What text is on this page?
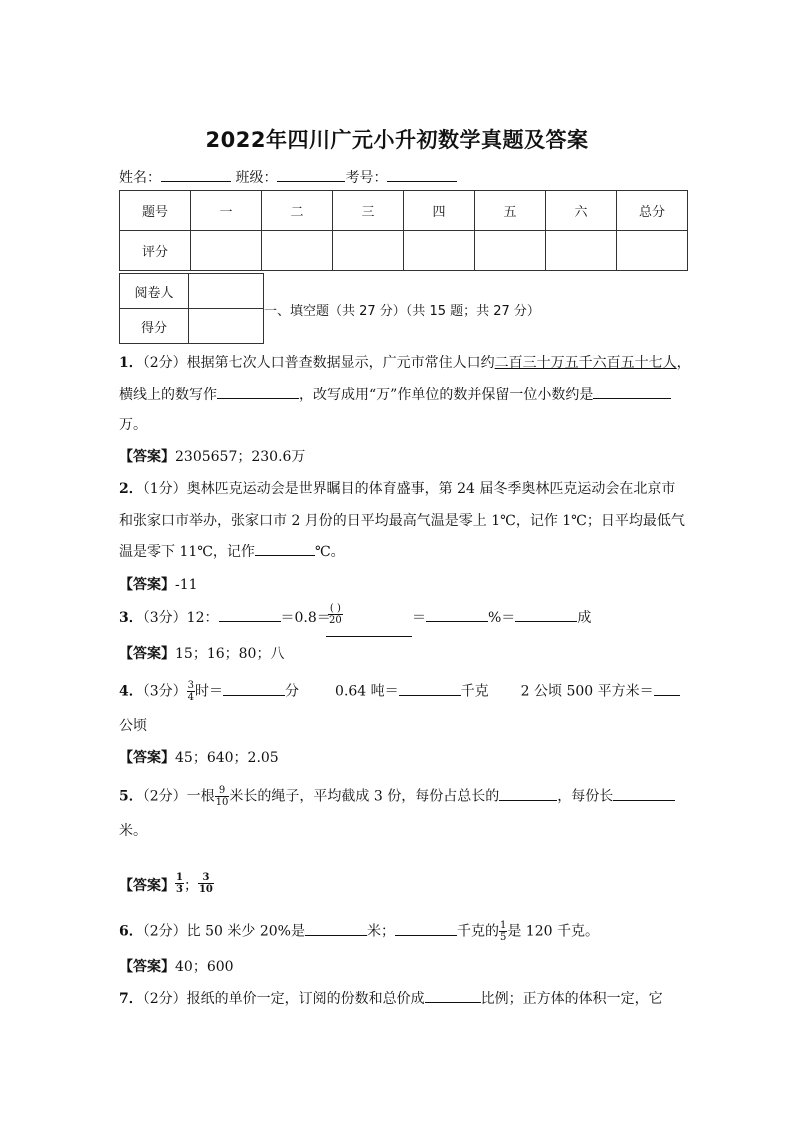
2022年四川广元小升初数学真题及答案
姓名：	班级：	考号：
题号	一	二	三	四	五	六	总分
评分							
阅卷人	
得分	
一、填空题（共 27 分）（共 15 题；共 27 分）
1．（2分）根据第七次人口普查数据显示，广元市常住人口约二百三十万五千六百五十七人，
横线上的数写作	，改写成用“万”作单位的数并保留一位小数约是
万。
【答案】2305657；230.6万
2．（1分）奥林匹克运动会是世界瞩目的体育盛事，第 24 届冬季奥林匹克运动会在北京市
和张家口市举办，张家口市 2 月份的日平均最高气温是零上 1℃，记作 1℃；日平均最低气
温是零下 11℃，记作	℃。
【答案】-11
3．（3分）12：	＝0.8＝
( )
20	＝	%＝	成
【答案】15；16；80；八
4．（3分） $\frac{3}{4}$ 时＝	分	0.64 吨＝	千克 2 公顷 500 平方米＝
公顷
【答案】45；640；2.05
5．（2分）一根 $\frac{9}{10}$ 米长的绳子，平均截成 3 份，每份占总长的	，每份长
米。
【答案】 $\frac{1}{3}$ ； $\frac{3}{10}$
6．（2分）比 50 米少 20%是	米；	千克的 $\frac{1}{5}$ 是 120 千克。
【答案】40；600
7．（2分）报纸的单价一定，订阅的份数和总价成	比例；正方体的体积一定，它
